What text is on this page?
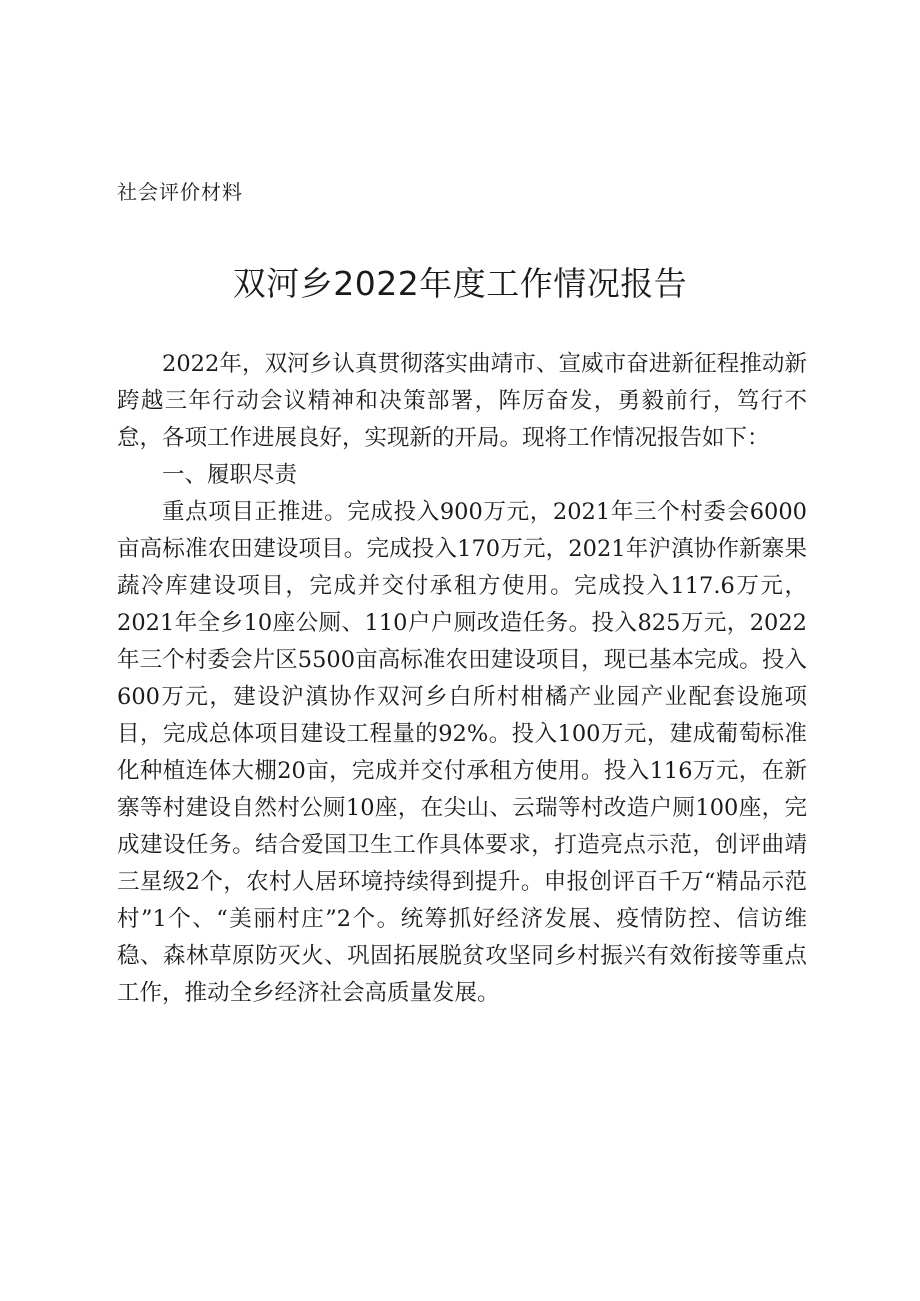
社会评价材料
双河乡2022年度工作情况报告

2022年，双河乡认真贯彻落实曲靖市、宣威市奋进新征程推动新跨越三年行动会议精神和决策部署，阵厉奋发，勇毅前行，笃行不怠，各项工作进展良好，实现新的开局。现将工作情况报告如下：

一、履职尽责

重点项目正推进。完成投入900万元，2021年三个村委会6000亩高标准农田建设项目。完成投入170万元，2021年沪滇协作新寨果蔬冷库建设项目，完成并交付承租方使用。完成投入117.6万元，2021年全乡10座公厕、110户户厕改造任务。投入825万元，2022年三个村委会片区5500亩高标准农田建设项目，现已基本完成。投入600万元，建设沪滇协作双河乡白所村柑橘产业园产业配套设施项目，完成总体项目建设工程量的92%。投入100万元，建成葡萄标准化种植连体大棚20亩，完成并交付承租方使用。投入116万元，在新寨等村建设自然村公厕10座，在尖山、云瑞等村改造户厕100座，完成建设任务。结合爱国卫生工作具体要求，打造亮点示范，创评曲靖三星级2个，农村人居环境持续得到提升。申报创评百千万“精品示范村”1个、“美丽村庄”2个。统筹抓好经济发展、疫情防控、信访维稳、森林草原防灭火、巩固拓展脱贫攻坚同乡村振兴有效衔接等重点工作，推动全乡经济社会高质量发展。
